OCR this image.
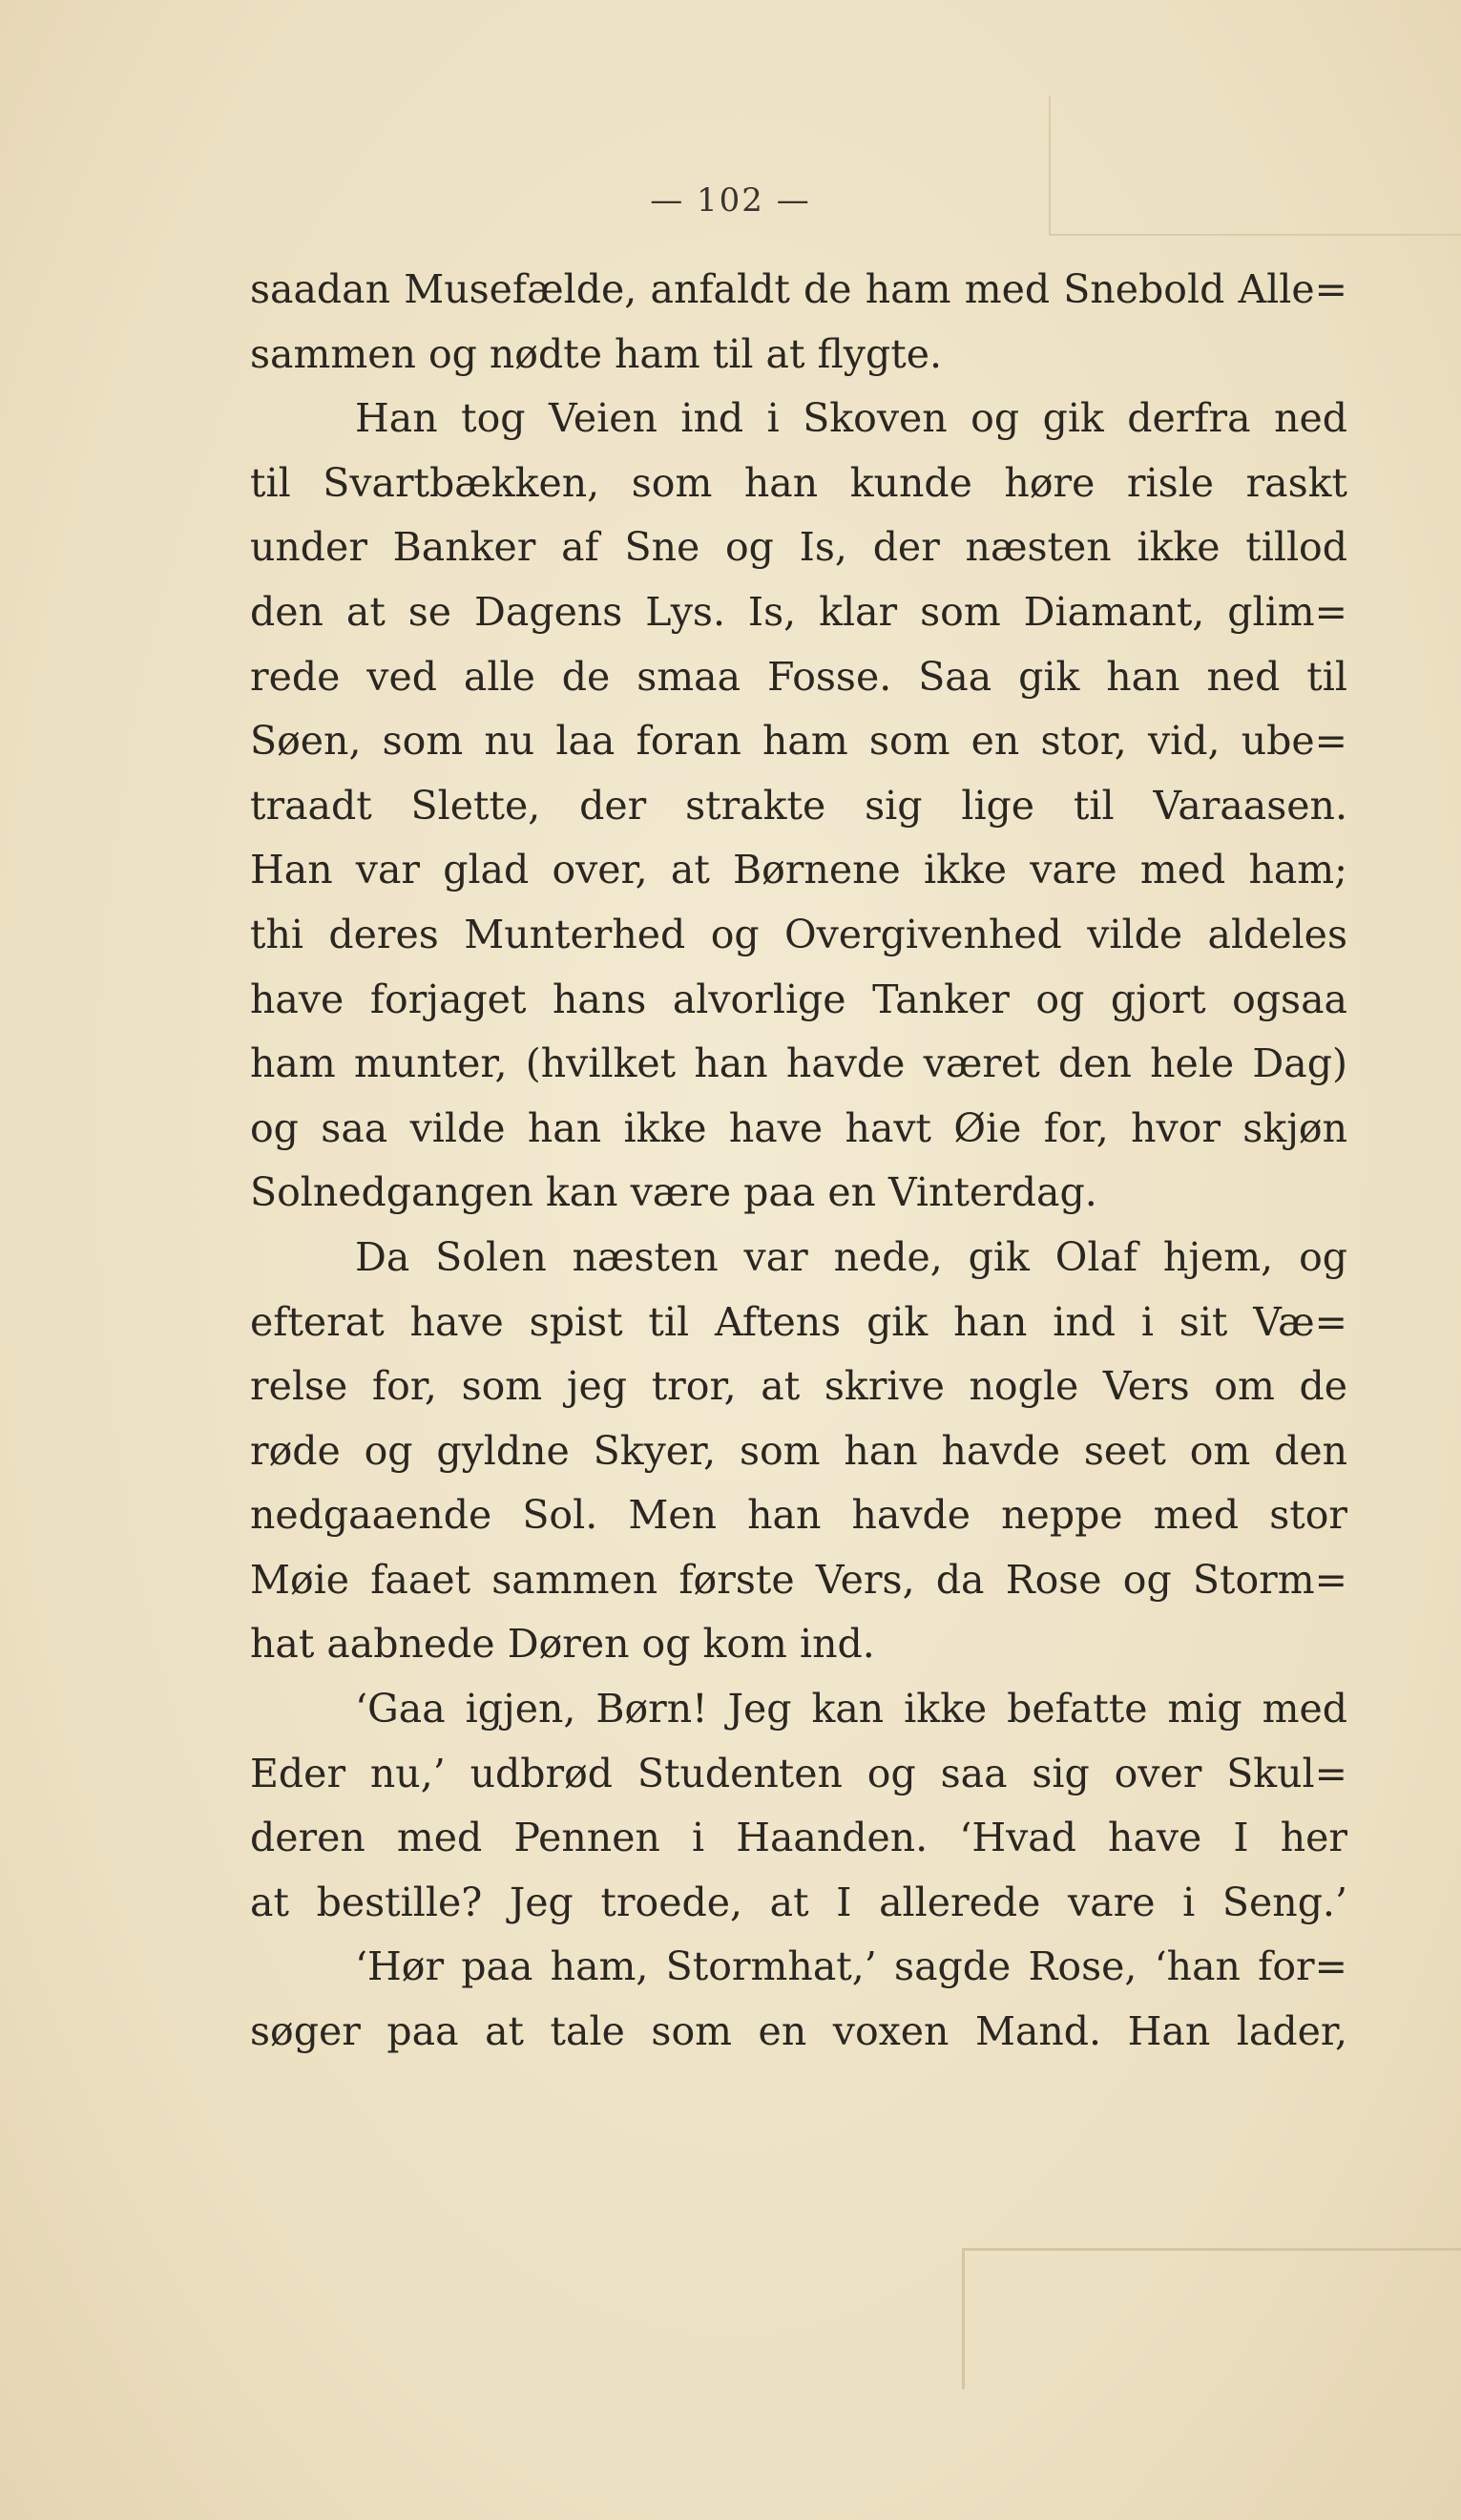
— 102 —
saadan Musefælde, anfaldt de ham med Snebold Alle=
sammen og nødte ham til at flygte.
Han tog Veien ind i Skoven og gik derfra ned
til Svartbækken, som han kunde høre risle raskt
under Banker af Sne og Is, der næsten ikke tillod
den at se Dagens Lys. Is, klar som Diamant, glim=
rede ved alle de smaa Fosse. Saa gik han ned til
Søen, som nu laa foran ham som en stor, vid, ube=
traadt Slette, der strakte sig lige til Varaasen.
Han var glad over, at Børnene ikke vare med ham;
thi deres Munterhed og Overgivenhed vilde aldeles
have forjaget hans alvorlige Tanker og gjort ogsaa
ham munter, (hvilket han havde været den hele Dag)
og saa vilde han ikke have havt Øie for, hvor skjøn
Solnedgangen kan være paa en Vinterdag.
Da Solen næsten var nede, gik Olaf hjem, og
efterat have spist til Aftens gik han ind i sit Væ=
relse for, som jeg tror, at skrive nogle Vers om de
røde og gyldne Skyer, som han havde seet om den
nedgaaende Sol. Men han havde neppe med stor
Møie faaet sammen første Vers, da Rose og Storm=
hat aabnede Døren og kom ind.
‘Gaa igjen, Børn! Jeg kan ikke befatte mig med
Eder nu,’ udbrød Studenten og saa sig over Skul=
deren med Pennen i Haanden. ‘Hvad have I her
at bestille? Jeg troede, at I allerede vare i Seng.’
‘Hør paa ham, Stormhat,’ sagde Rose, ‘han for=
søger paa at tale som en voxen Mand. Han lader,
